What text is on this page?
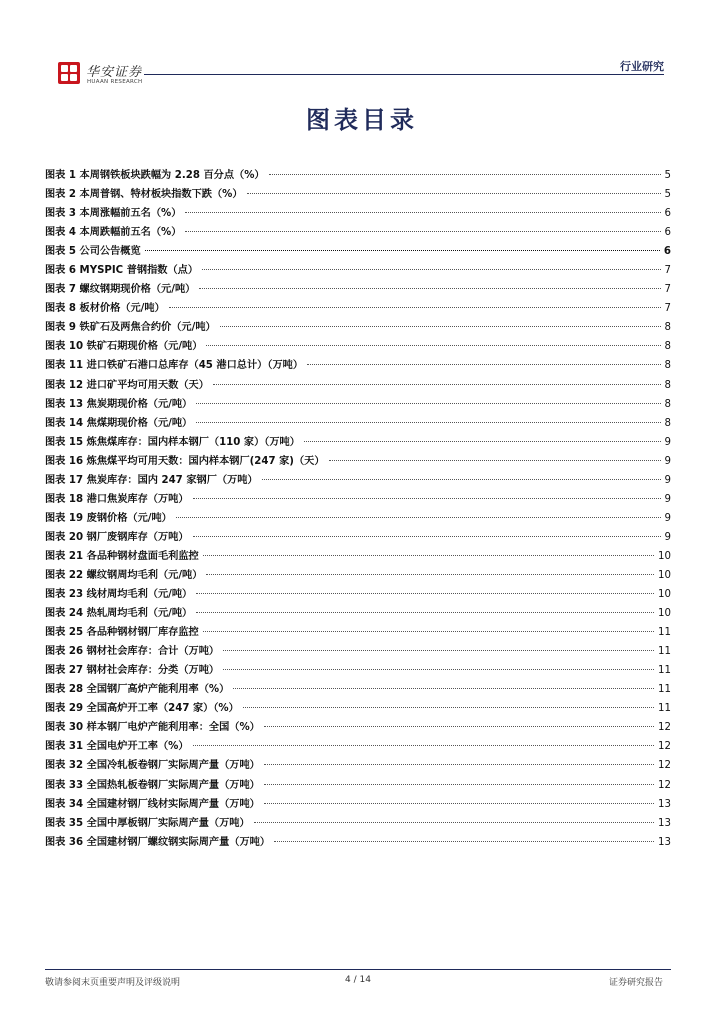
华安证券
HUAAN RESEARCH
行业研究
图表目录
图表 1 本周钢铁板块跌幅为 2.28 百分点（%）	5
图表 2 本周普钢、特材板块指数下跌（%）	5
图表 3 本周涨幅前五名（%）	6
图表 4 本周跌幅前五名（%）	6
图表 5 公司公告概览	6
图表 6 MYSPIC 普钢指数（点）	7
图表 7 螺纹钢期现价格（元/吨）	7
图表 8 板材价格（元/吨）	7
图表 9 铁矿石及两焦合约价（元/吨）	8
图表 10 铁矿石期现价格（元/吨）	8
图表 11 进口铁矿石港口总库存（45 港口总计）（万吨）	8
图表 12 进口矿平均可用天数（天）	8
图表 13 焦炭期现价格（元/吨）	8
图表 14 焦煤期现价格（元/吨）	8
图表 15 炼焦煤库存：国内样本钢厂（110 家）（万吨）	9
图表 16 炼焦煤平均可用天数：国内样本钢厂(247 家)（天）	9
图表 17 焦炭库存：国内 247 家钢厂（万吨）	9
图表 18 港口焦炭库存（万吨）	9
图表 19 废钢价格（元/吨）	9
图表 20 钢厂废钢库存（万吨）	9
图表 21 各品种钢材盘面毛利监控	10
图表 22 螺纹钢周均毛利（元/吨）	10
图表 23 线材周均毛利（元/吨）	10
图表 24 热轧周均毛利（元/吨）	10
图表 25 各品种钢材钢厂库存监控	11
图表 26 钢材社会库存：合计（万吨）	11
图表 27 钢材社会库存：分类（万吨）	11
图表 28 全国钢厂高炉产能利用率（%）	11
图表 29 全国高炉开工率（247 家）（%）	11
图表 30 样本钢厂电炉产能利用率：全国（%）	12
图表 31 全国电炉开工率（%）	12
图表 32 全国冷轧板卷钢厂实际周产量（万吨）	12
图表 33 全国热轧板卷钢厂实际周产量（万吨）	12
图表 34 全国建材钢厂线材实际周产量（万吨）	13
图表 35 全国中厚板钢厂实际周产量（万吨）	13
图表 36 全国建材钢厂螺纹钢实际周产量（万吨）	13
敬请参阅末页重要声明及评级说明	4 / 14	证券研究报告
